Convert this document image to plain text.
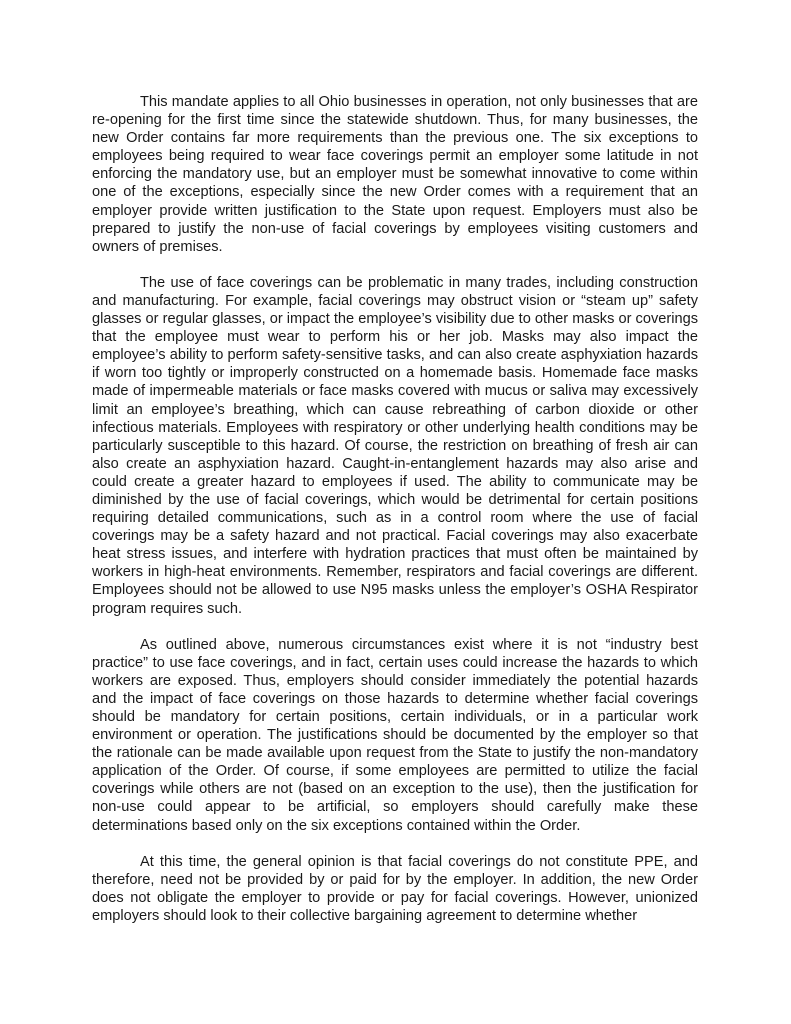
This mandate applies to all Ohio businesses in operation, not only businesses that are re-opening for the first time since the statewide shutdown. Thus, for many businesses, the new Order contains far more requirements than the previous one. The six exceptions to employees being required to wear face coverings permit an employer some latitude in not enforcing the mandatory use, but an employer must be somewhat innovative to come within one of the exceptions, especially since the new Order comes with a requirement that an employer provide written justification to the State upon request. Employers must also be prepared to justify the non-use of facial coverings by employees visiting customers and owners of premises.

The use of face coverings can be problematic in many trades, including construction and manufacturing. For example, facial coverings may obstruct vision or “steam up” safety glasses or regular glasses, or impact the employee’s visibility due to other masks or coverings that the employee must wear to perform his or her job. Masks may also impact the employee’s ability to perform safety-sensitive tasks, and can also create asphyxiation hazards if worn too tightly or improperly constructed on a homemade basis. Homemade face masks made of impermeable materials or face masks covered with mucus or saliva may excessively limit an employee’s breathing, which can cause rebreathing of carbon dioxide or other infectious materials. Employees with respiratory or other underlying health conditions may be particularly susceptible to this hazard. Of course, the restriction on breathing of fresh air can also create an asphyxiation hazard. Caught-in-entanglement hazards may also arise and could create a greater hazard to employees if used. The ability to communicate may be diminished by the use of facial coverings, which would be detrimental for certain positions requiring detailed communications, such as in a control room where the use of facial coverings may be a safety hazard and not practical. Facial coverings may also exacerbate heat stress issues, and interfere with hydration practices that must often be maintained by workers in high-heat environments. Remember, respirators and facial coverings are different. Employees should not be allowed to use N95 masks unless the employer’s OSHA Respirator program requires such.

As outlined above, numerous circumstances exist where it is not “industry best practice” to use face coverings, and in fact, certain uses could increase the hazards to which workers are exposed. Thus, employers should consider immediately the potential hazards and the impact of face coverings on those hazards to determine whether facial coverings should be mandatory for certain positions, certain individuals, or in a particular work environment or operation. The justifications should be documented by the employer so that the rationale can be made available upon request from the State to justify the non-mandatory application of the Order. Of course, if some employees are permitted to utilize the facial coverings while others are not (based on an exception to the use), then the justification for non-use could appear to be artificial, so employers should carefully make these determinations based only on the six exceptions contained within the Order.

At this time, the general opinion is that facial coverings do not constitute PPE, and therefore, need not be provided by or paid for by the employer. In addition, the new Order does not obligate the employer to provide or pay for facial coverings. However, unionized employers should look to their collective bargaining agreement to determine whether
